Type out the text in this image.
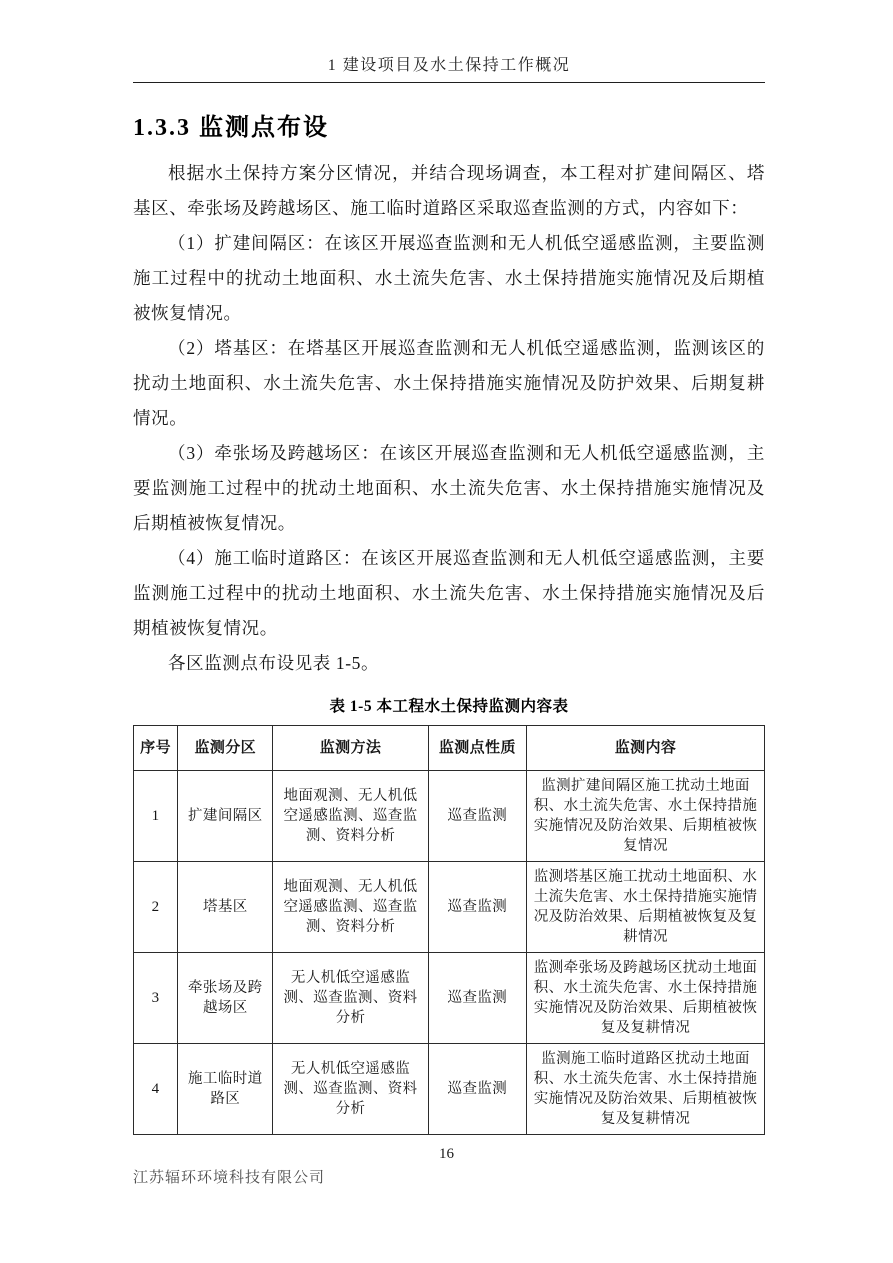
1 建设项目及水土保持工作概况
1.3.3 监测点布设

根据水土保持方案分区情况，并结合现场调查，本工程对扩建间隔区、塔基区、牵张场及跨越场区、施工临时道路区采取巡查监测的方式，内容如下：

（1）扩建间隔区：在该区开展巡查监测和无人机低空遥感监测，主要监测施工过程中的扰动土地面积、水土流失危害、水土保持措施实施情况及后期植被恢复情况。

（2）塔基区：在塔基区开展巡查监测和无人机低空遥感监测，监测该区的扰动土地面积、水土流失危害、水土保持措施实施情况及防护效果、后期复耕情况。

（3）牵张场及跨越场区：在该区开展巡查监测和无人机低空遥感监测，主要监测施工过程中的扰动土地面积、水土流失危害、水土保持措施实施情况及后期植被恢复情况。

（4）施工临时道路区：在该区开展巡查监测和无人机低空遥感监测，主要监测施工过程中的扰动土地面积、水土流失危害、水土保持措施实施情况及后期植被恢复情况。

各区监测点布设见表 1-5。

表 1-5 本工程水土保持监测内容表
序号	监测分区	监测方法	监测点性质	监测内容
1	扩建间隔区	地面观测、无人机低空遥感监测、巡查监测、资料分析	巡查监测	监测扩建间隔区施工扰动土地面积、水土流失危害、水土保持措施实施情况及防治效果、后期植被恢复情况
2	塔基区	地面观测、无人机低空遥感监测、巡查监测、资料分析	巡查监测	监测塔基区施工扰动土地面积、水土流失危害、水土保持措施实施情况及防治效果、后期植被恢复及复耕情况
3	牵张场及跨越场区	无人机低空遥感监测、巡查监测、资料分析	巡查监测	监测牵张场及跨越场区扰动土地面积、水土流失危害、水土保持措施实施情况及防治效果、后期植被恢复及复耕情况
4	施工临时道路区	无人机低空遥感监测、巡查监测、资料分析	巡查监测	监测施工临时道路区扰动土地面积、水土流失危害、水土保持措施实施情况及防治效果、后期植被恢复及复耕情况
16
江苏辐环环境科技有限公司
